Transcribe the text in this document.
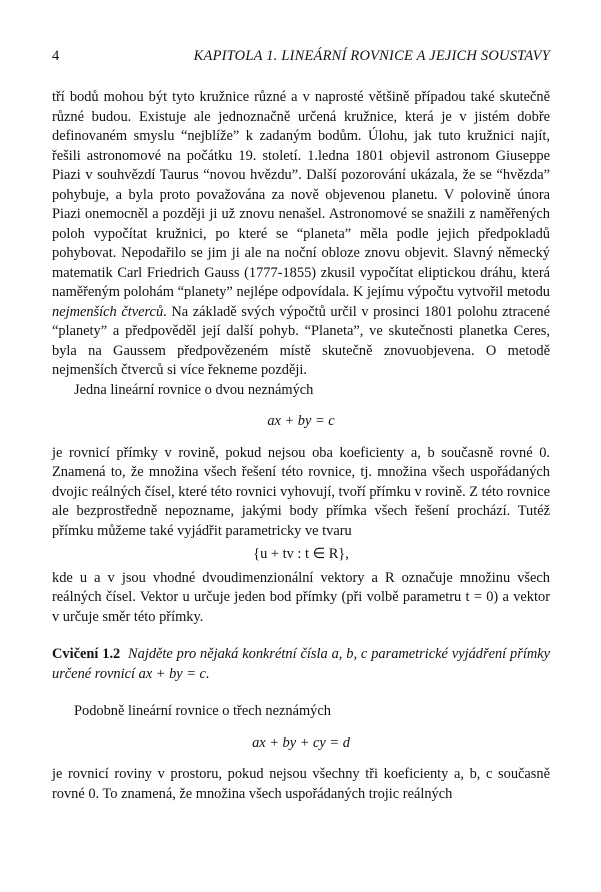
4	KAPITOLA 1. LINEÁRNÍ ROVNICE A JEJICH SOUSTAVY

tří bodů mohou být tyto kružnice různé a v naprosté většině případou také skutečně různé budou. Existuje ale jednoznačně určená kružnice, která je v jistém dobře definovaném smyslu “nejblíže” k zadaným bodům. Úlohu, jak tuto kružnici najít, řešili astronomové na počátku 19. století. 1.ledna 1801 objevil astronom Giuseppe Piazi v souhvězdí Taurus “novou hvězdu”. Další pozorování ukázala, že se “hvězda” pohybuje, a byla proto považována za nově objevenou planetu. V polovině února Piazi onemocněl a později ji už znovu nenašel. Astronomové se snažili z naměřených poloh vypočítat kružnici, po které se “planeta” měla podle jejich předpokladů pohybovat. Nepodařilo se jim ji ale na noční obloze znovu objevit. Slavný německý matematik Carl Friedrich Gauss (1777-1855) zkusil vypočítat eliptickou dráhu, která naměřeným polohám “planety” nejlépe odpovídala. K jejímu výpočtu vytvořil metodu nejmenších čtverců. Na základě svých výpočtů určil v prosinci 1801 polohu ztracené “planety” a předpověděl její další pohyb. “Planeta”, ve skutečnosti planetka Ceres, byla na Gaussem předpovězeném místě skutečně znovuobjevena. O metodě nejmenších čtverců si více řekneme později.

Jedna lineární rovnice o dvou neznámých

ax + by = c

je rovnicí přímky v rovině, pokud nejsou oba koeficienty a, b současně rovné 0. Znamená to, že množina všech řešení této rovnice, tj. množina všech uspořádaných dvojic reálných čísel, které této rovnici vyhovují, tvoří přímku v rovině. Z této rovnice ale bezprostředně nepozname, jakými body přímka všech řešení prochází. Tutéž přímku můžeme také vyjádřit parametricky ve tvaru

{u + tv : t ∈ R},

kde u a v jsou vhodné dvoudimenzionální vektory a R označuje množinu všech reálných čísel. Vektor u určuje jeden bod přímky (při volbě parametru t = 0) a vektor v určuje směr této přímky.

Cvičení 1.2 Najděte pro nějaká konkrétní čísla a, b, c parametrické vyjádření přímky určené rovnicí ax + by = c.

Podobně lineární rovnice o třech neznámých

ax + by + cy = d

je rovnicí roviny v prostoru, pokud nejsou všechny tři koeficienty a, b, c současně rovné 0. To znamená, že množina všech uspořádaných trojic reálných
